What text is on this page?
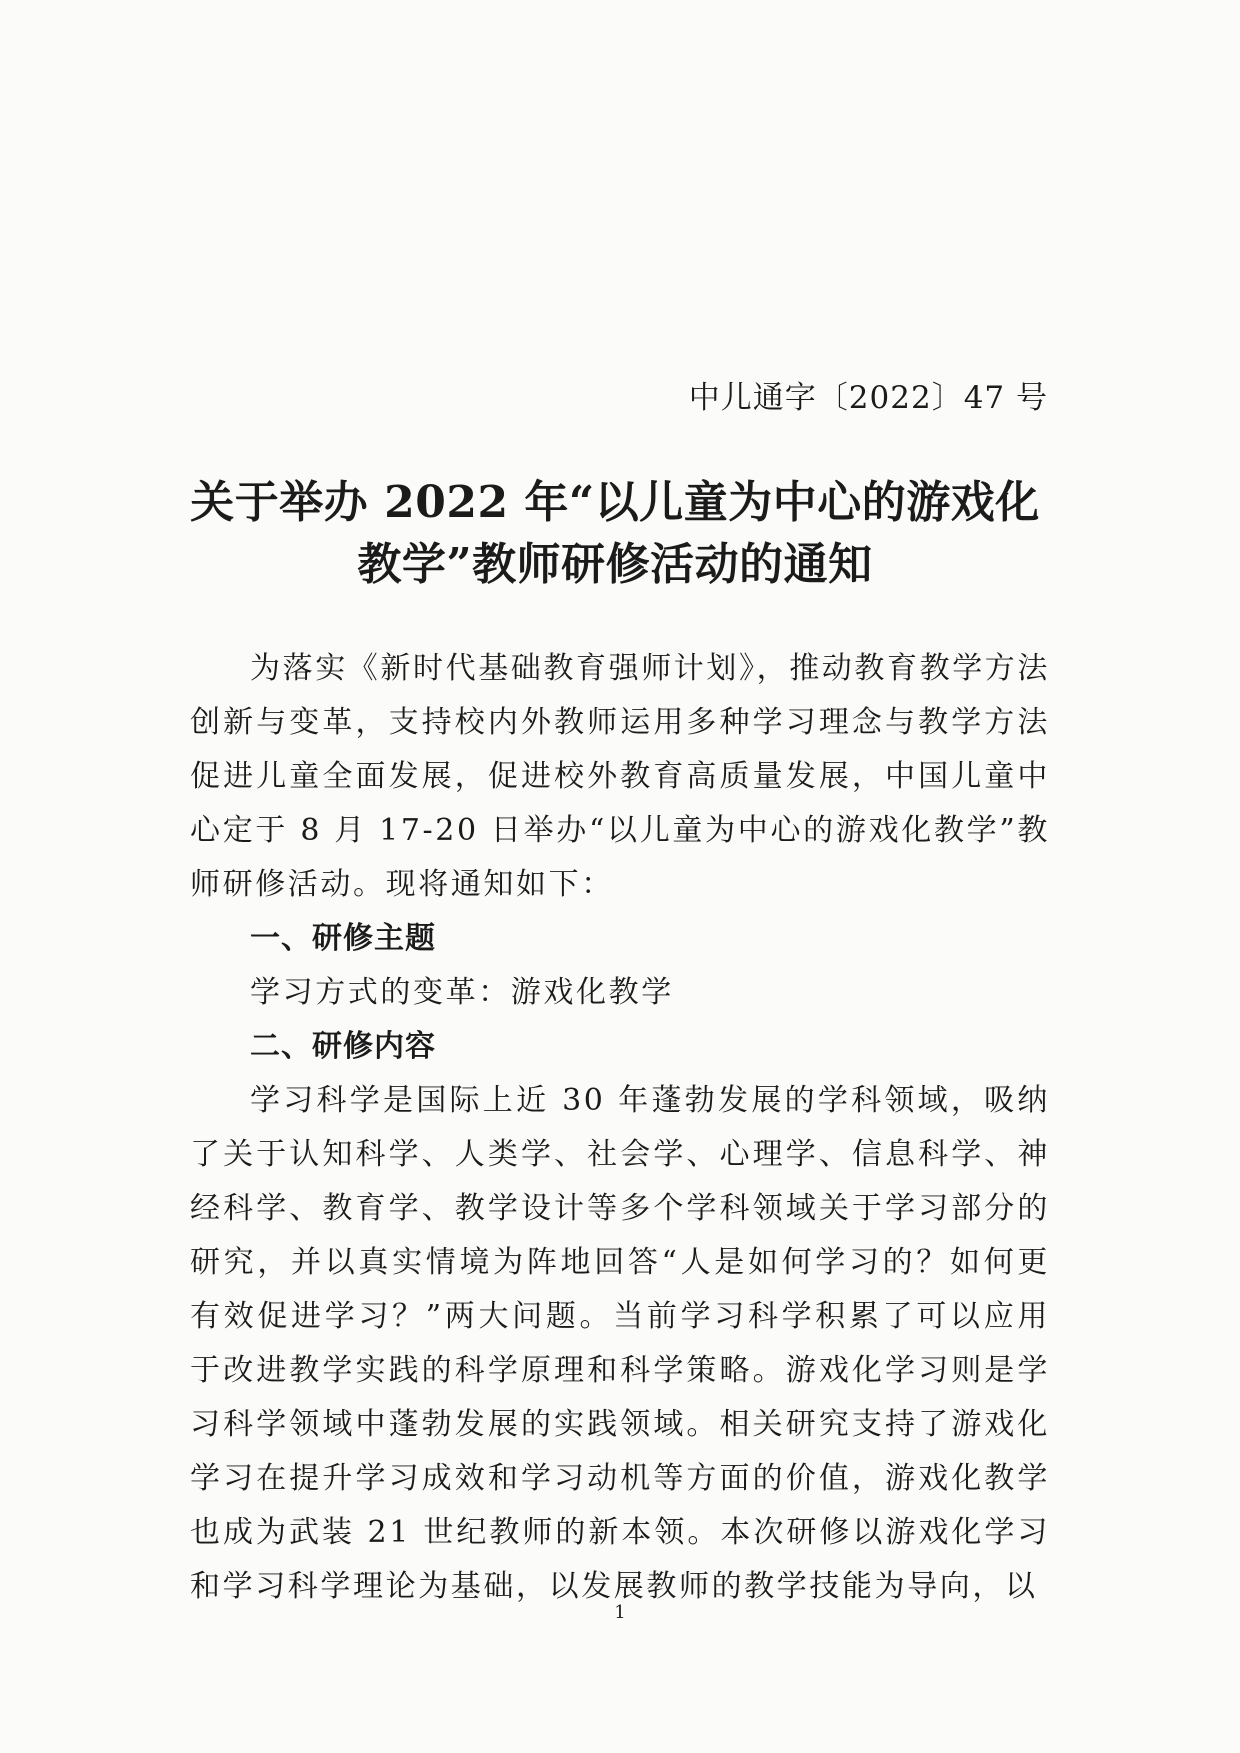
中儿通字〔2022〕47 号
关于举办 2022 年“以儿童为中心的游戏化
教学”教师研修活动的通知

为落实《新时代基础教育强师计划》，推动教育教学方法创新与变革，支持校内外教师运用多种学习理念与教学方法促进儿童全面发展，促进校外教育高质量发展，中国儿童中心定于 8 月 17-20 日举办“以儿童为中心的游戏化教学”教师研修活动。现将通知如下：

一、研修主题

学习方式的变革：游戏化教学

二、研修内容

学习科学是国际上近 30 年蓬勃发展的学科领域，吸纳了关于认知科学、人类学、社会学、心理学、信息科学、神经科学、教育学、教学设计等多个学科领域关于学习部分的研究，并以真实情境为阵地回答“人是如何学习的？如何更有效促进学习？”两大问题。当前学习科学积累了可以应用于改进教学实践的科学原理和科学策略。游戏化学习则是学习科学领域中蓬勃发展的实践领域。相关研究支持了游戏化学习在提升学习成效和学习动机等方面的价值，游戏化教学也成为武装 21 世纪教师的新本领。本次研修以游戏化学习和学习科学理论为基础，以发展教师的教学技能为导向，以

1
